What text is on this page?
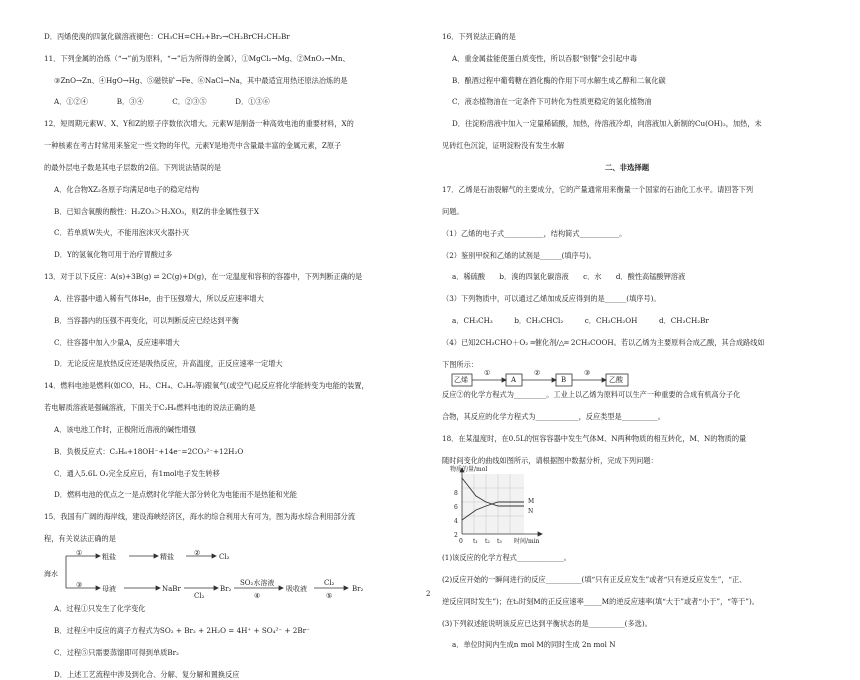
D．丙烯使溴的四氯化碳溶液褪色：CH₃CH=CH₂+Br₂→CH₂BrCH₂CH₂Br

11．下列金属的冶炼（“→”前为原料，“→”后为所得的金属），①MgCl₂→Mg、②MnO₂→Mn、

③ZnO→Zn、④HgO→Hg、⑤磁铁矿→Fe、⑥NaCl→Na，其中最适宜用热还原法冶炼的是

A．①②④　　　　B．③④　　　　C．②③⑤　　　　D．①③⑥

12．短周期元素W、X、Y和Z的原子序数依次增大。元素W是制备一种高效电池的重要材料，X的

一种核素在考古时常用来鉴定一些文物的年代，元素Y是地壳中含量最丰富的金属元素，Z原子

的最外层电子数是其电子层数的2倍。下列说法错误的是

A．化合物XZ₂各原子均满足8电子的稳定结构

B．已知含氧酸的酸性：H₂ZO₃＞H₂XO₃，则Z的非金属性强于X

C．若单质W失火，不能用泡沫灭火器扑灭

D．Y的氢氧化物可用于治疗胃酸过多

13．对于以下反应：A(s)+3B(g) ⇌ 2C(g)+D(g)，在一定温度和容积的容器中，下列判断正确的是

A．往容器中通入稀有气体He，由于压强增大，所以反应速率增大

B．当容器内的压强不再变化，可以判断反应已经达到平衡

C．往容器中加入少量A，反应速率增大

D．无论反应是放热反应还是吸热反应，升高温度，正反应速率一定增大

14．燃料电池是燃料(如CO、H₂、CH₄、C₂H₆等)跟氧气(或空气)起反应将化学能转变为电能的装置，

若电解质溶液是强碱溶液，下面关于C₂H₆燃料电池的说法正确的是

A．该电池工作时，正极附近溶液的碱性增强

B．负极反应式：C₂H₆+18OH⁻+14e⁻=2CO₃²⁻+12H₂O

C．通入5.6L O₂完全反应后，有1mol电子发生转移

D．燃料电池的优点之一是点燃时化学能大部分转化为电能而不是热能和光能

15．我国有广阔的海岸线，建设海峡经济区，海水的综合利用大有可为，图为海水综合利用部分流

程，有关说法正确的是

海水
①	粗盐	精盐	②	Cl₂
③	母液	NaBr
Cl₂
Br₂
SO₂水溶液
④
吸收液
Cl₂
⑤
Br₂

A．过程①只发生了化学变化

B．过程④中反应的离子方程式为SO₂ + Br₂ + 2H₂O = 4H⁺ + SO₄²⁻ + 2Br⁻

C．过程⑤只需要蒸馏即可得到单质Br₂

D．上述工艺流程中涉及到化合、分解、复分解和置换反应

16．下列说法正确的是

A．重金属盐能使蛋白质变性，所以吞服“钡餐”会引起中毒

B．酿酒过程中葡萄糖在酒化酶的作用下可水解生成乙醇和二氧化碳

C．液态植物油在一定条件下可转化为性质更稳定的氢化植物油

D．往淀粉溶液中加入一定量稀硫酸，加热，待溶液冷却，向溶液加入新制的Cu(OH)₂，加热，未

见砖红色沉淀，证明淀粉没有发生水解

二、非选择题

17．乙烯是石油裂解气的主要成分，它的产量通常用来衡量一个国家的石油化工水平。请回答下列

问题。

（1）乙烯的电子式___________，结构简式___________。

（2）鉴别甲烷和乙烯的试剂是______(填序号)。

a．稀硫酸　　b．溴的四氯化碳溶液　　c．水　　d．酸性高锰酸钾溶液

（3）下列物质中，可以通过乙烯加成反应得到的是______(填序号)。

a．CH₃CH₃　　　b．CH₃CHCl₂　　　c．CH₃CH₂OH　　　d．CH₃CH₂Br

（4）已知2CH₃CHO＋O₂ ═催化剂/△═ 2CH₃COOH。若以乙烯为主要原料合成乙酸，其合成路线如

下图所示：

乙烯
①
A
②
B
③
乙酸

反应②的化学方程式为_________。工业上以乙烯为原料可以生产一种重要的合成有机高分子化

合物，其反应的化学方程式为____________，反应类型是__________。

18．在某温度时，在0.5L的恒容容器中发生气体M、N两种物质的相互转化，M、N的物质的量

随时间变化的曲线如图所示，请根据图中数据分析，完成下列问题：

物质的量/mol
8
6
4
2
0 t₁ t₂ t₃ 时间/min
M
N

(1)该反应的化学方程式_____________。

(2)反应开始的一瞬间进行的反应__________(填“只有正反应发生”或者“只有逆反应发生”，“正、

逆反应同时发生”)；在t₂时刻M的正反应速率_____M的逆反应速率(填“大于”或者“小于”，“等于”)。

(3)下列叙述能说明该反应已达到平衡状态的是__________(多选)。

a．单位时间内生成n mol M的同时生成 2n mol N

2
